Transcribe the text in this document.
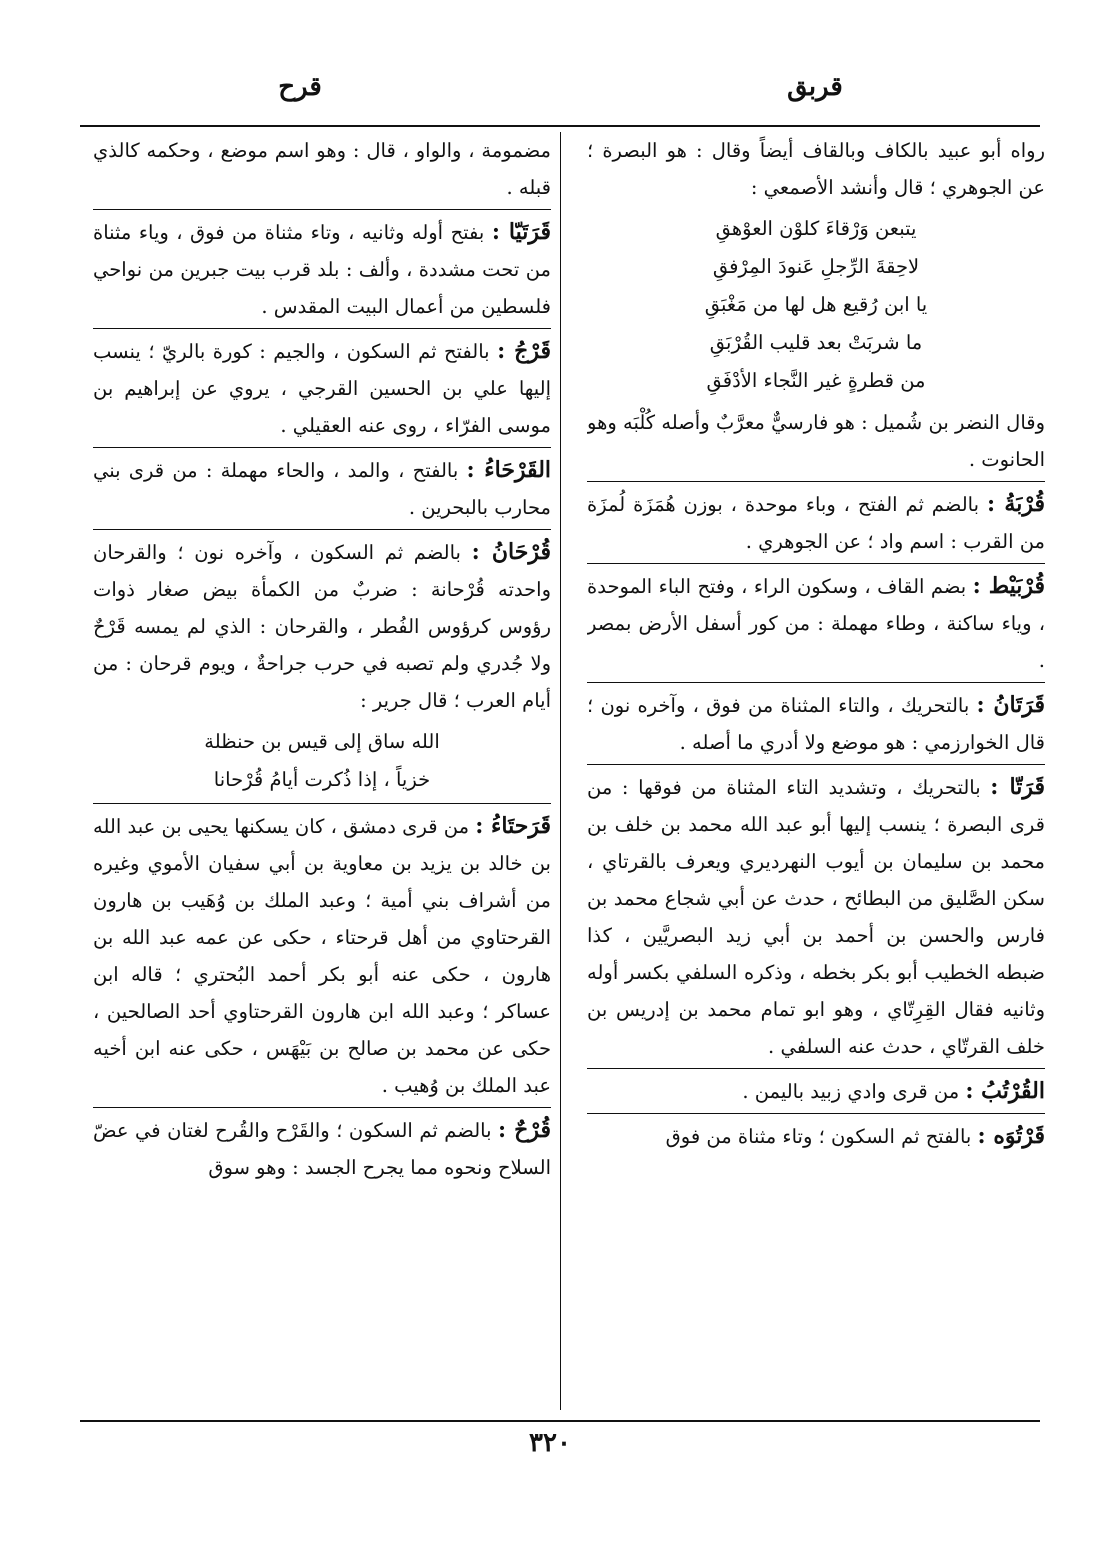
قربق
قرح
رواه أبو عبيد بالكاف وبالقاف أيضاً وقال : هو البصرة ؛ عن الجوهري ؛ قال وأنشد الأصمعي :
يتبعن وَرْقاءَ كلوْن العوْهقِ
لاحِقةَ الرِّجلِ عَنودَ المِرْفقِ
يا ابن رُقيع هل لها من مَغْبَقِ
ما شربَتْ بعد قليب القُرْبَقِ
من قطرةٍ غير النَّجاء الأدْفَقِ
وقال النضر بن شُميل : هو فارسيٌّ معرَّبٌ وأصله كُلْبَه وهو الحانوت .
قُرْبَةُ : بالضم ثم الفتح ، وباء موحدة ، بوزن هُمَزَة لُمزَة من القرب : اسم واد ؛ عن الجوهري .
قُرْبَيْط : بضم القاف ، وسكون الراء ، وفتح الباء الموحدة ، وياء ساكنة ، وطاء مهملة : من كور أسفل الأرض بمصر .
قَرَتَانُ : بالتحريك ، والتاء المثناة من فوق ، وآخره نون ؛ قال الخوارزمي : هو موضع ولا أدري ما أصله .
قَرَتّا : بالتحريك ، وتشديد التاء المثناة من فوقها : من قرى البصرة ؛ ينسب إليها أبو عبد الله محمد بن خلف بن محمد بن سليمان بن أيوب النهرديري ويعرف بالقرتاي ، سكن الصَّليق من البطائح ، حدث عن أبي شجاع محمد بن فارس والحسن بن أحمد بن أبي زيد البصريَّين ، كذا ضبطه الخطيب أبو بكر بخطه ، وذكره السلفي بكسر أوله وثانيه فقال القِرِتّاي ، وهو ابو تمام محمد بن إدريس بن خلف القرتّاي ، حدث عنه السلفي .
القُرْتُبُ : من قرى وادي زبيد باليمن .
قَرْتُوَه : بالفتح ثم السكون ؛ وتاء مثناة من فوق
مضمومة ، والواو ، قال : وهو اسم موضع ، وحكمه كالذي قبله .
قَرَتَيّا : بفتح أوله وثانيه ، وتاء مثناة من فوق ، وياء مثناة من تحت مشددة ، وألف : بلد قرب بيت جبرين من نواحي فلسطين من أعمال البيت المقدس .
قَرْجُ : بالفتح ثم السكون ، والجيم : كورة بالريّ ؛ ينسب إليها علي بن الحسين القرجي ، يروي عن إبراهيم بن موسى الفرّاء ، روى عنه العقيلي .
القَرْحَاءُ : بالفتح ، والمد ، والحاء مهملة : من قرى بني محارب بالبحرين .
قُرْحَانُ : بالضم ثم السكون ، وآخره نون ؛ والقرحان واحدته قُرْحانة : ضربٌ من الكمأة بيض صغار ذوات رؤوس كرؤوس الفُطر ، والقرحان : الذي لم يمسه قَرْحٌ ولا جُدري ولم تصبه في حرب جراحةٌ ، ويوم قرحان : من أيام العرب ؛ قال جرير :
الله ساق إلى قيس بن حنظلة
خزياً ، إذا ذُكرت أيامُ قُرْحانا
قَرَحتَاءُ : من قرى دمشق ، كان يسكنها يحيى بن عبد الله بن خالد بن يزيد بن معاوية بن أبي سفيان الأموي وغيره من أشراف بني أمية ؛ وعبد الملك بن وُهَيب بن هارون القرحتاوي من أهل قرحتاء ، حكى عن عمه عبد الله بن هارون ، حكى عنه أبو بكر أحمد البُحتري ؛ قاله ابن عساكر ؛ وعبد الله ابن هارون القرحتاوي أحد الصالحين ، حكى عن محمد بن صالح بن بَيْهَس ، حكى عنه ابن أخيه عبد الملك بن وُهيب .
قُرْحٌ : بالضم ثم السكون ؛ والقَرْح والقُرح لغتان في عضّ السلاح ونحوه مما يجرح الجسد : وهو سوق
٣٢٠
